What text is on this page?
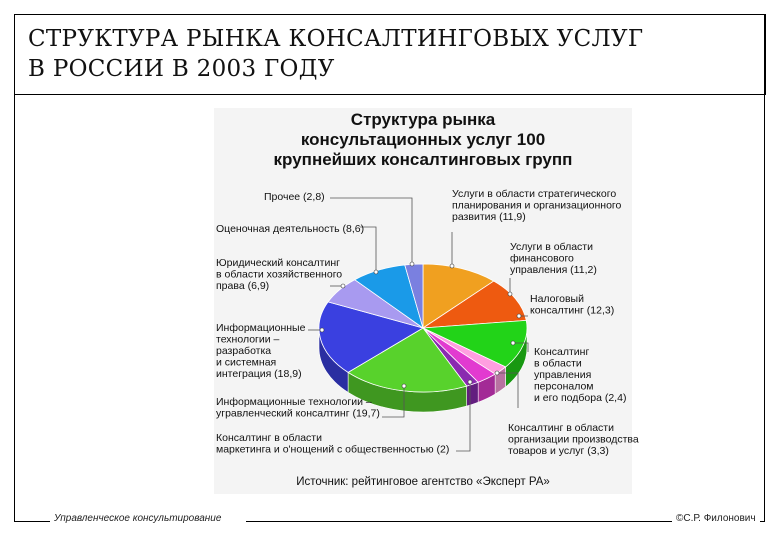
СТРУКТУРА РЫНКА КОНСАЛТИНГОВЫХ УСЛУГ
В РОССИИ В 2003 ГОДУ
Структура рынка
консультационных услуг 100
крупнейших консалтинговых групп
Услуги в области стратегического планирования и организационного развития (11,9)
Услуги в области финансового управления (11,2)
Налоговый консалтинг (12,3)
Консалтинг в области управления персоналом и его подбора (2,4)
Консалтинг в области организации производства товаров и услуг (3,3)
Консалтинг в области маркетинга и о'нощений с общественностью (2)
Информационные технологии – угравленческий консалтинг (19,7)
Информационные технологии – разработка и системная интеграция (18,9)
Юридический консалтинг в области хозяйственного права (6,9)
Оценочная деятельность (8,6)
Прочее (2,8)
Источник: рейтинговое агентство «Эксперт РА»
Управленческое консультирование	©С.Р. Филонович
